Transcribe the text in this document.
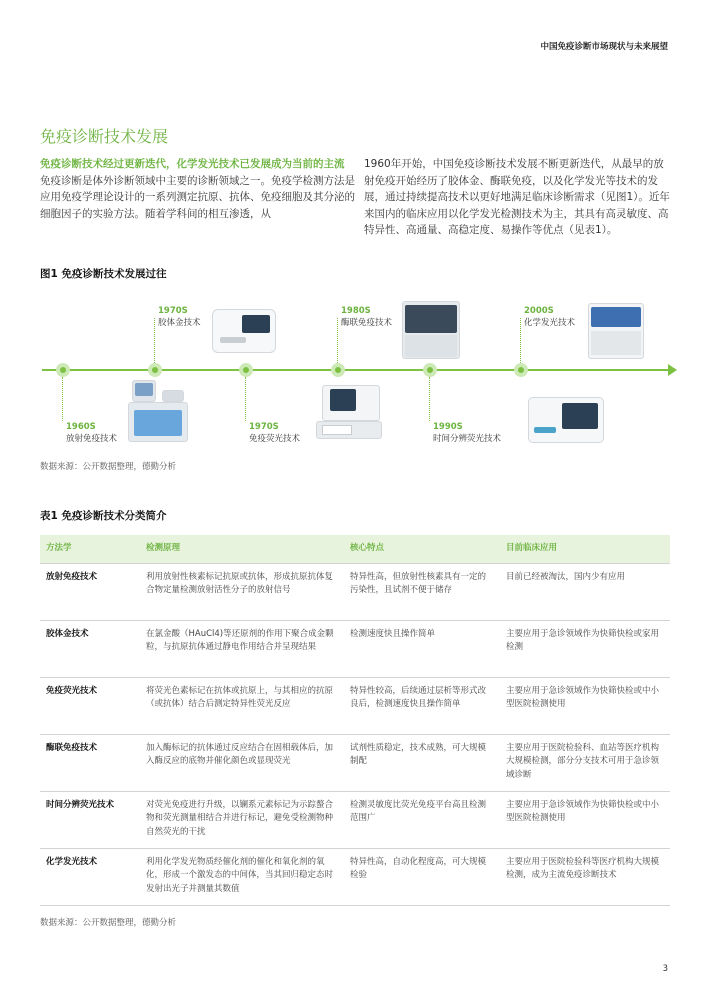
中国免疫诊断市场现状与未来展望
免疫诊断技术发展
免疫诊断技术经过更新迭代，化学发光技术已发展成为当前的主流
免疫诊断是体外诊断领域中主要的诊断领域之一。免疫学检测方法是应用免疫学理论设计的一系列测定抗原、抗体、免疫细胞及其分泌的细胞因子的实验方法。随着学科间的相互渗透，从
1960年开始，中国免疫诊断技术发展不断更新迭代，从最早的放射免疫开始经历了胶体金、酶联免疫，以及化学发光等技术的发展，通过持续提高技术以更好地满足临床诊断需求（见图1）。近年来国内的临床应用以化学发光检测技术为主，其具有高灵敏度、高特异性、高通量、高稳定度、易操作等优点（见表1）。
图1 免疫诊断技术发展过往
1960S
放射免疫技术
1970S
胶体金技术
1970S
免疫荧光技术
1980S
酶联免疫技术
1990S
时间分辨荧光技术
2000S
化学发光技术
数据来源：公开数据整理，德勤分析
表1 免疫诊断技术分类简介
方法学	检测原理	核心特点	目前临床应用
放射免疫技术	利用放射性核素标记抗原或抗体，形成抗原抗体复合物定量检测放射活性分子的放射信号	特异性高，但放射性核素具有一定的污染性，且试剂不便于储存	目前已经被淘汰，国内少有应用
胶体金技术	在氯金酸（HAuCl4)等还原剂的作用下聚合成金颗粒，与抗原抗体通过静电作用结合并呈现结果	检测速度快且操作简单	主要应用于急诊领域作为快筛快检或家用检测
免疫荧光技术	将荧光色素标记在抗体或抗原上，与其相应的抗原（或抗体）结合后测定特异性荧光反应	特异性较高，后续通过层析等形式改良后，检测速度快且操作简单	主要应用于急诊领域作为快筛快检或中小型医院检测使用
酶联免疫技术	加入酶标记的抗体通过反应结合在固相载体后，加入酶反应的底物并催化颜色或显现荧光	试剂性质稳定，技术成熟，可大规模制配	主要应用于医院检验科、血站等医疗机构大规模检测，部分分支技术可用于急诊领域诊断
时间分辨荧光技术	对荧光免疫进行升级，以镧系元素标记为示踪螯合物和荧光测量相结合并进行标记，避免受检测物种自然荧光的干扰	检测灵敏度比荧光免疫平台高且检测范围广	主要应用于急诊领域作为快筛快检或中小型医院检测使用
化学发光技术	利用化学发光物质经催化剂的催化和氧化剂的氧化，形成一个激发态的中间体，当其回归稳定态时发射出光子并测量其数值	特异性高，自动化程度高，可大规模检验	主要应用于医院检验科等医疗机构大规模检测，成为主流免疫诊断技术
数据来源：公开数据整理，德勤分析
3
